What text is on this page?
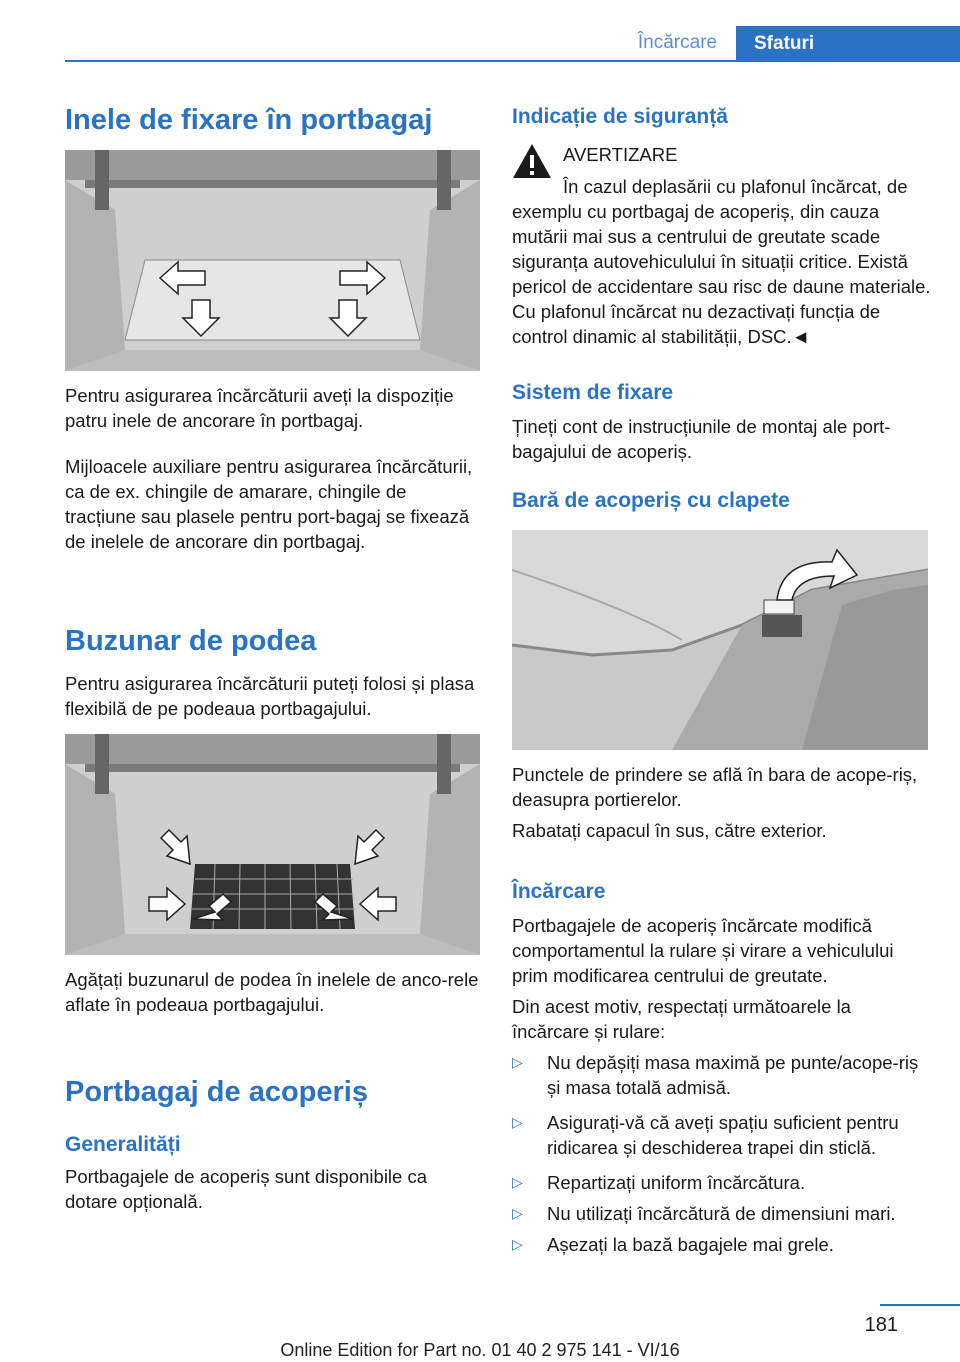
Încărcare	Sfaturi
Inele de fixare în portbagaj

Pentru asigurarea încărcăturii aveți la dispoziție patru inele de ancorare în portbagaj.

Mijloacele auxiliare pentru asigurarea încărcăturii, ca de ex. chingile de amarare, chingile de tracțiune sau plasele pentru port-bagaj se fixează de inelele de ancorare din portbagaj.

Buzunar de podea

Pentru asigurarea încărcăturii puteți folosi și plasa flexibilă de pe podeaua portbagajului.

Agățați buzunarul de podea în inelele de anco-rele aflate în podeaua portbagajului.

Portbagaj de acoperiș
Generalități

Portbagajele de acoperiș sunt disponibile ca dotare opțională.

Indicație de siguranță
AVERTIZARE
În cazul deplasării cu plafonul încărcat, de

exemplu cu portbagaj de acoperiș, din cauza mutării mai sus a centrului de greutate scade siguranța autovehiculului în situații critice. Există pericol de accidentare sau risc de daune materiale. Cu plafonul încărcat nu dezactivați funcția de control dinamic al stabilității, DSC.◄

Sistem de fixare

Țineți cont de instrucțiunile de montaj ale port-bagajului de acoperiș.

Bară de acoperiș cu clapete

Punctele de prindere se află în bara de acope-riș, deasupra portierelor.

Rabatați capacul în sus, către exterior.

Încărcare

Portbagajele de acoperiș încărcate modifică comportamentul la rulare și virare a vehiculului prim modificarea centrului de greutate.

Din acest motiv, respectați următoarele la încărcare și rulare:

▷ Nu depășiți masa maximă pe punte/acope-riș și masa totală admisă.
▷ Asigurați-vă că aveți spațiu suficient pentru ridicarea și deschiderea trapei din sticlă.
▷ Repartizați uniform încărcătura.
▷ Nu utilizați încărcătură de dimensiuni mari.
▷ Așezați la bază bagajele mai grele.
181
Online Edition for Part no. 01 40 2 975 141 - VI/16
